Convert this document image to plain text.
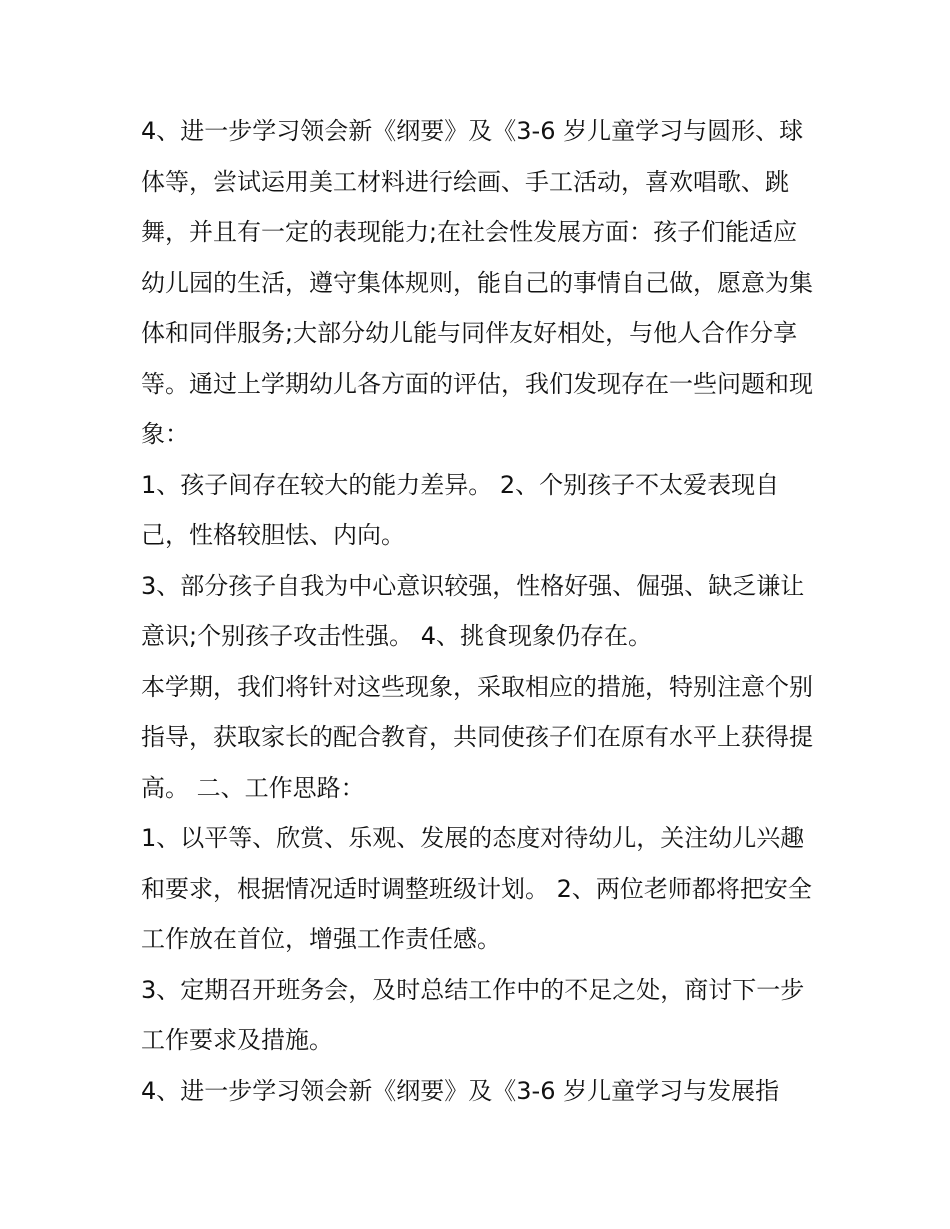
4、进一步学习领会新《纲要》及《3-6 岁儿童学习与圆形、球体等，尝试运用美工材料进行绘画、手工活动，喜欢唱歌、跳舞，并且有一定的表现能力;在社会性发展方面：孩子们能适应幼儿园的生活，遵守集体规则，能自己的事情自己做，愿意为集体和同伴服务;大部分幼儿能与同伴友好相处，与他人合作分享等。通过上学期幼儿各方面的评估，我们发现存在一些问题和现象：

1、孩子间存在较大的能力差异。 2、个别孩子不太爱表现自己，性格较胆怯、内向。

3、部分孩子自我为中心意识较强，性格好强、倔强、缺乏谦让意识;个别孩子攻击性强。 4、挑食现象仍存在。

本学期，我们将针对这些现象，采取相应的措施，特别注意个别指导，获取家长的配合教育，共同使孩子们在原有水平上获得提高。 二、工作思路：

1、以平等、欣赏、乐观、发展的态度对待幼儿，关注幼儿兴趣和要求，根据情况适时调整班级计划。 2、两位老师都将把安全工作放在首位，增强工作责任感。

3、定期召开班务会，及时总结工作中的不足之处，商讨下一步工作要求及措施。

4、进一步学习领会新《纲要》及《3-6 岁儿童学习与发展指
